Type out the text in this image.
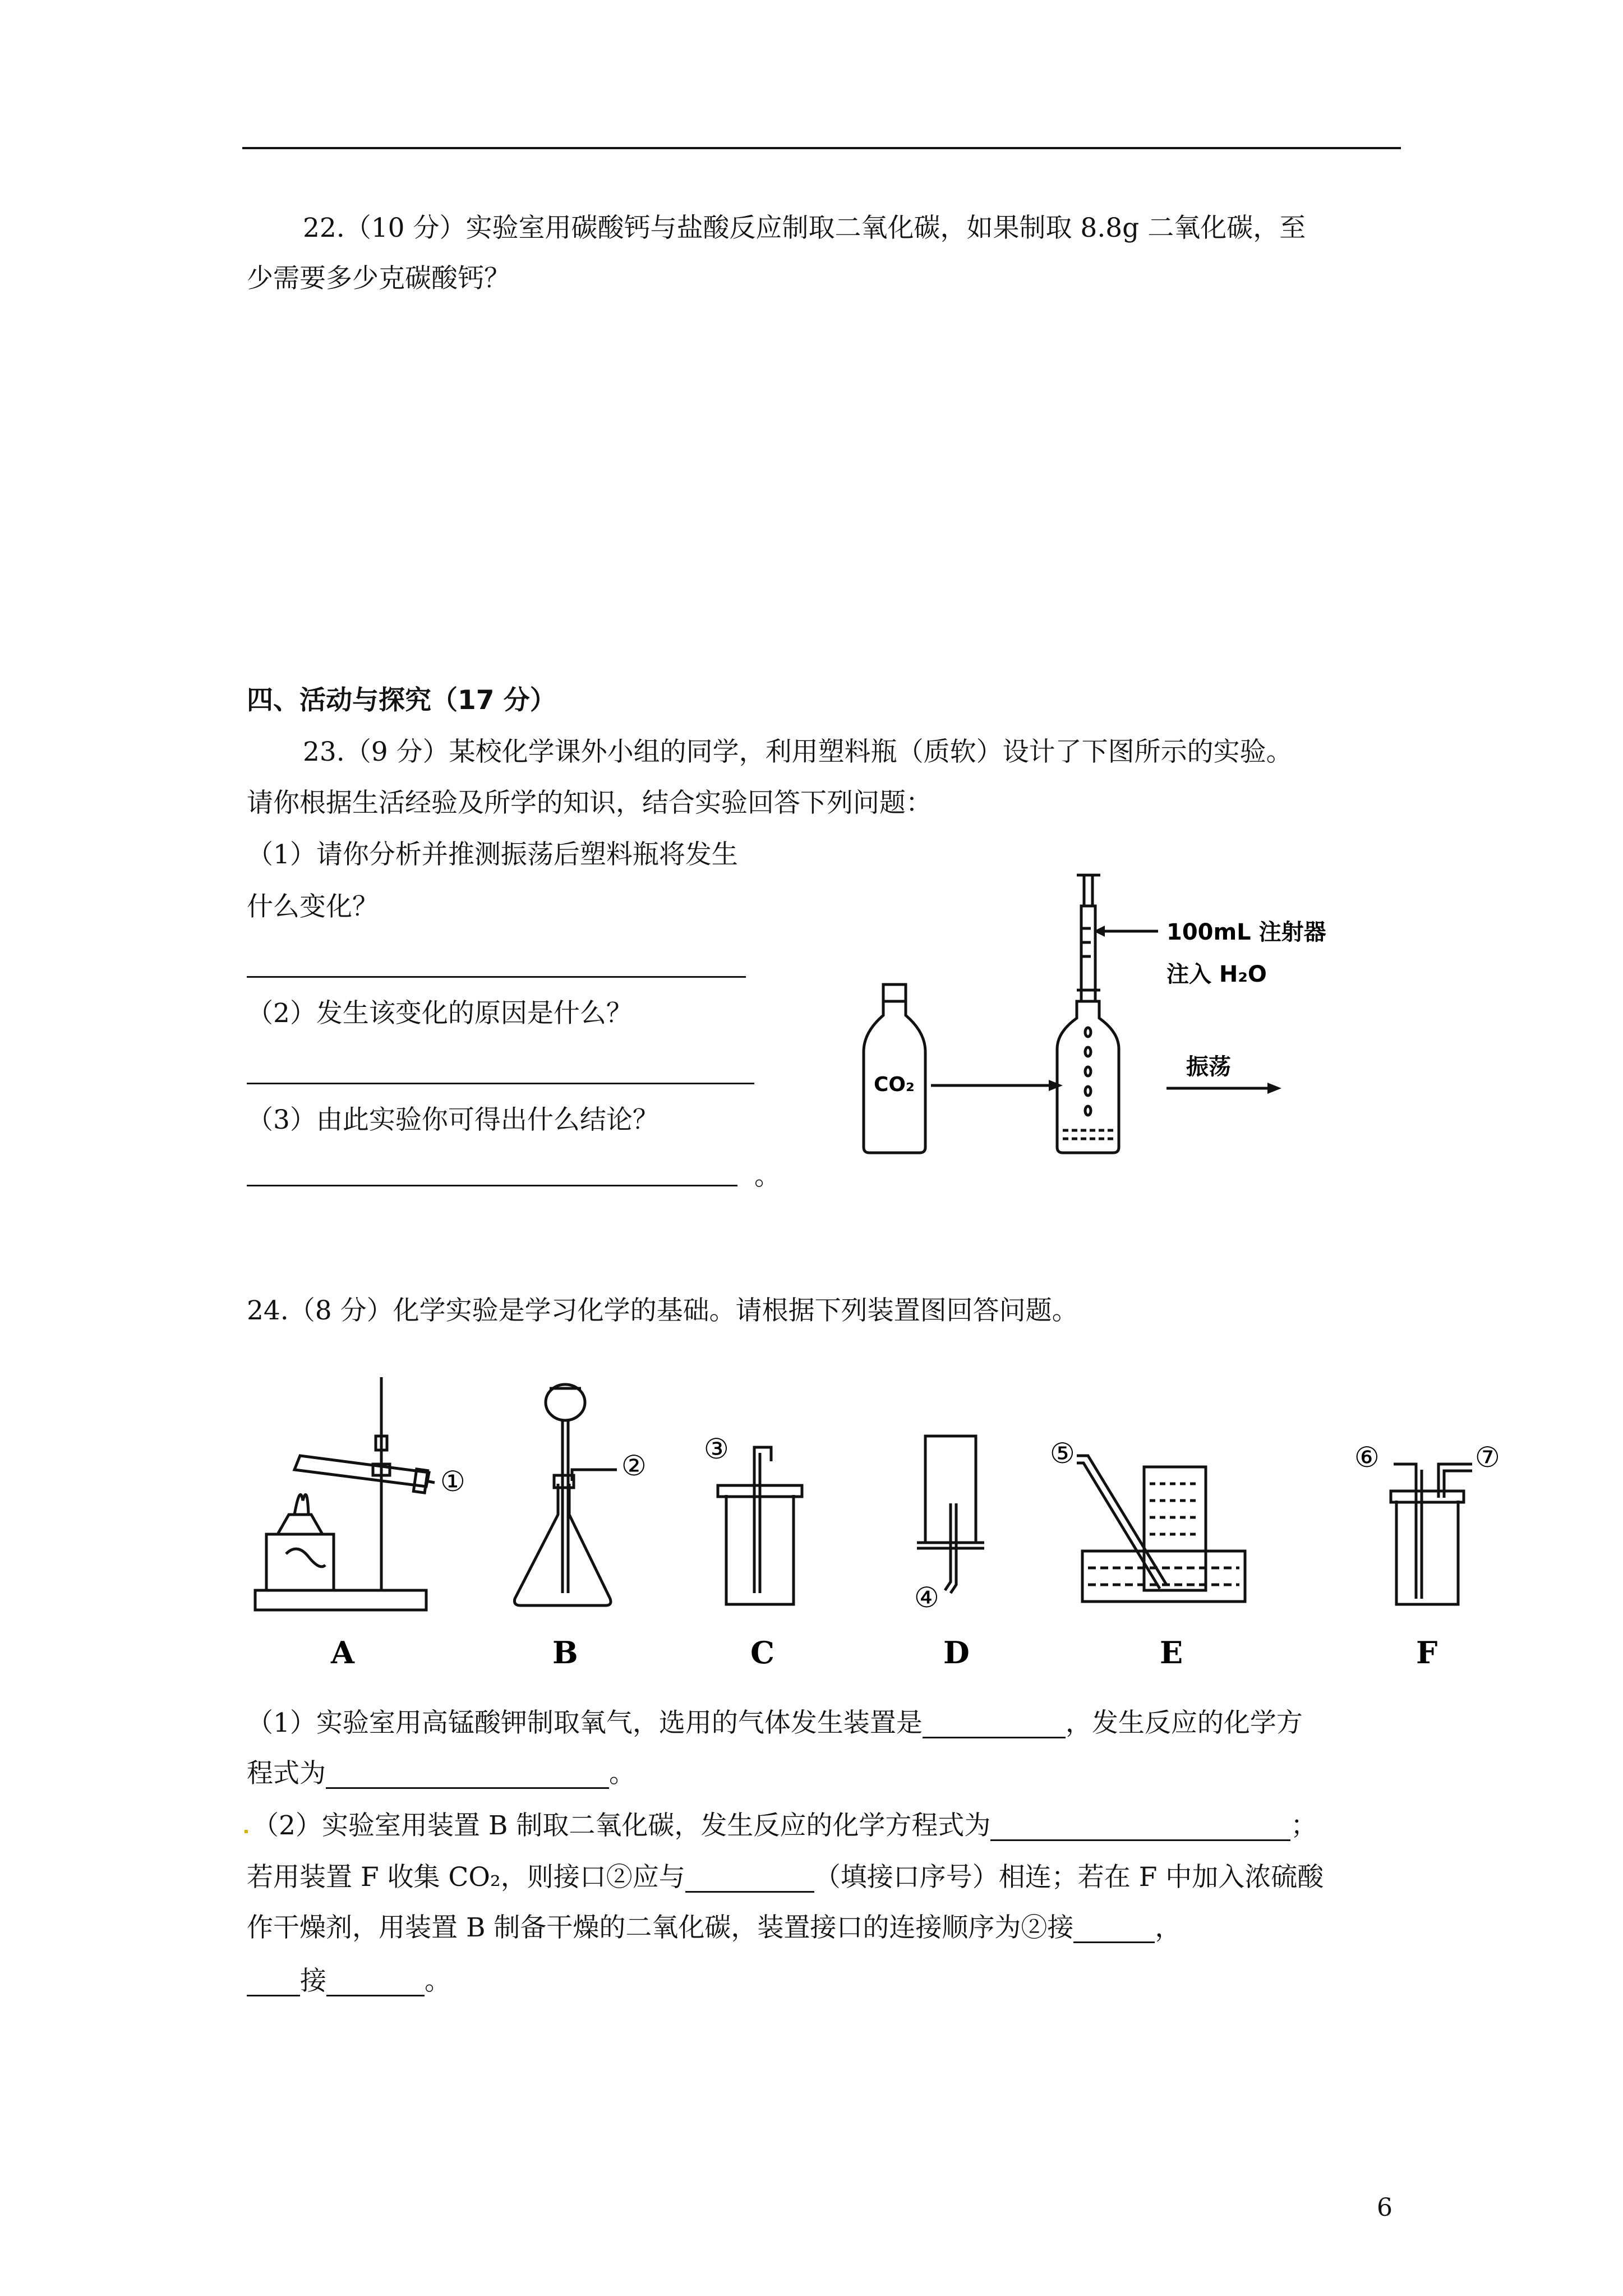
22.（10 分）实验室用碳酸钙与盐酸反应制取二氧化碳，如果制取 8.8g 二氧化碳，至
少需要多少克碳酸钙？
四、活动与探究（17 分）
23.（9 分）某校化学课外小组的同学，利用塑料瓶（质软）设计了下图所示的实验。
请你根据生活经验及所学的知识，结合实验回答下列问题：
（1）请你分析并推测振荡后塑料瓶将发生
什么变化？
（2）发生该变化的原因是什么？
（3）由此实验你可得出什么结论？
。
CO₂
100mL 注射器
注入 H₂O
振荡
24.（8 分）化学实验是学习化学的基础。请根据下列装置图回答问题。
①	②
③
④
⑤	⑥	⑦
A	B	C	D	E	F
（1）实验室用高锰酸钾制取氧气，选用的气体发生装置是	，发生反应的化学方
程式为	。
（2）实验室用装置 B 制取二氧化碳，发生反应的化学方程式为	；
若用装置 F 收集 CO₂，则接口②应与	（填接口序号）相连；若在 F 中加入浓硫酸
作干燥剂，用装置 B 制备干燥的二氧化碳，装置接口的连接顺序为②接	，
接	。
6
